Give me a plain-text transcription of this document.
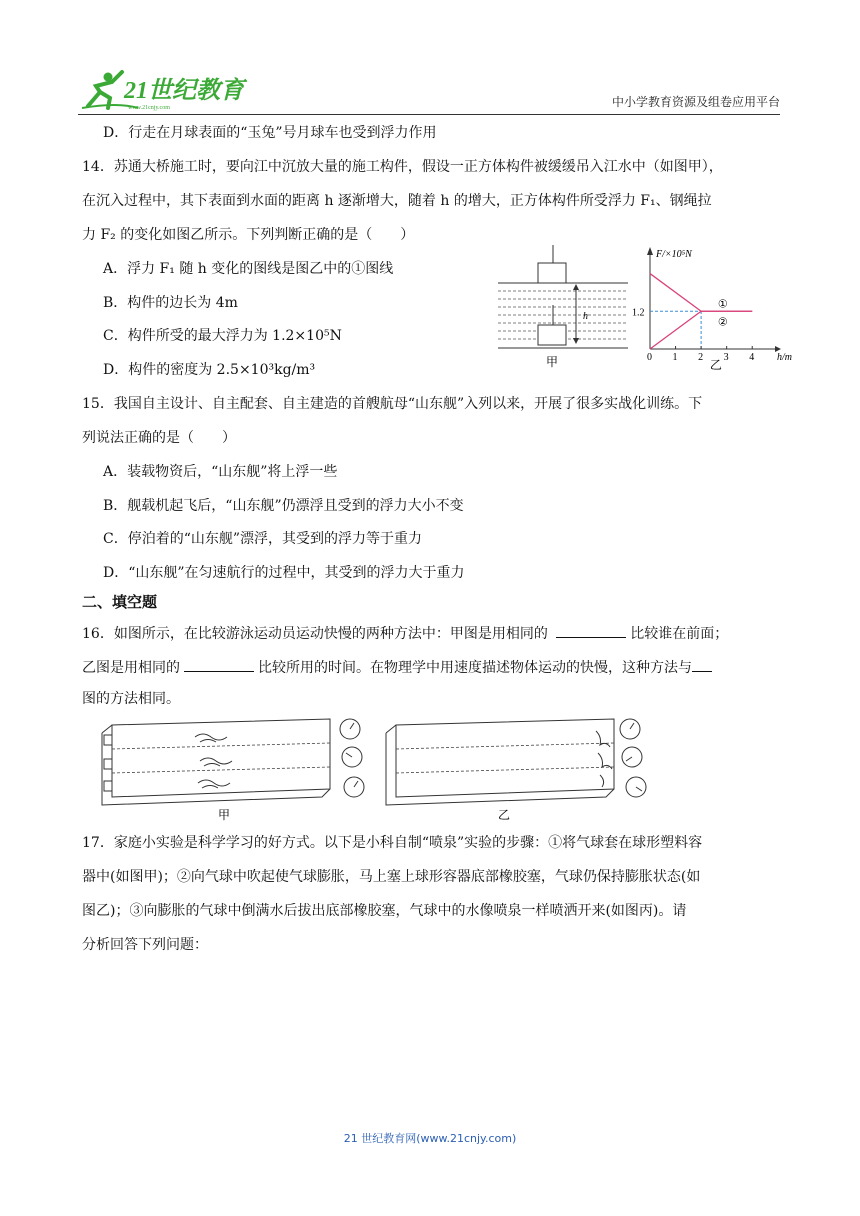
21世纪教育
www.21cnjy.com	中小学教育资源及组卷应用平台
D．行走在月球表面的“玉兔”号月球车也受到浮力作用
14．苏通大桥施工时，要向江中沉放大量的施工构件，假设一正方体构件被缓缓吊入江水中（如图甲），
在沉入过程中，其下表面到水面的距离 h 逐渐增大，随着 h 的增大，正方体构件所受浮力 F₁、钢绳拉
力 F₂ 的变化如图乙所示。下列判断正确的是（　　）
A．浮力 F₁ 随 h 变化的图线是图乙中的①图线
B．构件的边长为 4m
C．构件所受的最大浮力为 1.2×10⁵N
D．构件的密度为 2.5×10³kg/m³
h
甲	0 1 2 3 4
1.2
①
②
F/×10⁵N
h/m
乙
15．我国自主设计、自主配套、自主建造的首艘航母“山东舰”入列以来，开展了很多实战化训练。下
列说法正确的是（　　）
A．装载物资后，“山东舰”将上浮一些
B．舰载机起飞后，“山东舰”仍漂浮且受到的浮力大小不变
C．停泊着的“山东舰”漂浮，其受到的浮力等于重力
D．“山东舰”在匀速航行的过程中，其受到的浮力大于重力
二、填空题
16．如图所示，在比较游泳运动员运动快慢的两种方法中：甲图是用相同的	比较谁在前面；
乙图是用相同的	比较所用的时间。在物理学中用速度描述物体运动的快慢，这种方法与
图的方法相同。
甲	乙
17．家庭小实验是科学学习的好方式。以下是小科自制“喷泉”实验的步骤：①将气球套在球形塑料容
器中(如图甲)；②向气球中吹起使气球膨胀，马上塞上球形容器底部橡胶塞，气球仍保持膨胀状态(如
图乙)；③向膨胀的气球中倒满水后拔出底部橡胶塞，气球中的水像喷泉一样喷洒开来(如图丙)。请
分析回答下列问题：
21 世纪教育网(www.21cnjy.com)
